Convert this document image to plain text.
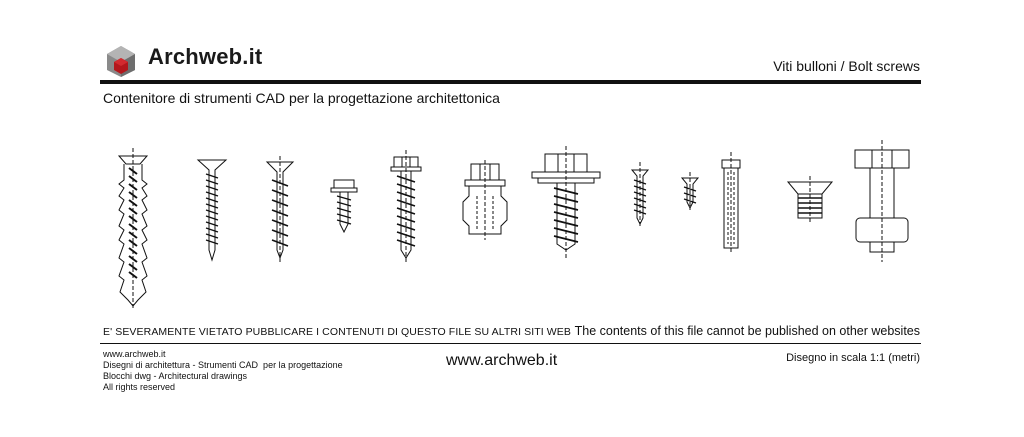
Archweb.it	Viti bulloni / Bolt screws
Contenitore di strumenti CAD per la progettazione architettonica
E' SEVERAMENTE VIETATO PUBBLICARE I CONTENUTI DI QUESTO FILE SU ALTRI SITI WEB The contents of this file cannot be published on other websites
www.archweb.it
Disegni di architettura - Strumenti CAD  per la progettazione
Blocchi dwg - Architectural drawings
All rights reserved
www.archweb.it	Disegno in scala 1:1 (metri)
